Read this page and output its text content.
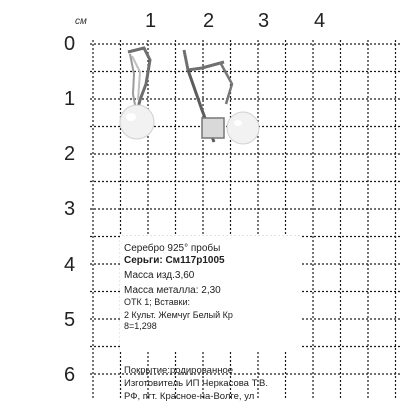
см	1 2 3 4
0
1
2
3
4
5
6
Серебро 925° пробы
Серьги: Cм117р1005
Масса изд.3,60
Масса металла: 2,30
ОТК 1; Вставки:
2 Культ. Жемчуг Белый Кр
8=1,298
Покрытие:родированное
Изготовитель ИП Черкасова Т.В.
РФ, пгт. Красное-на-Волге, ул
